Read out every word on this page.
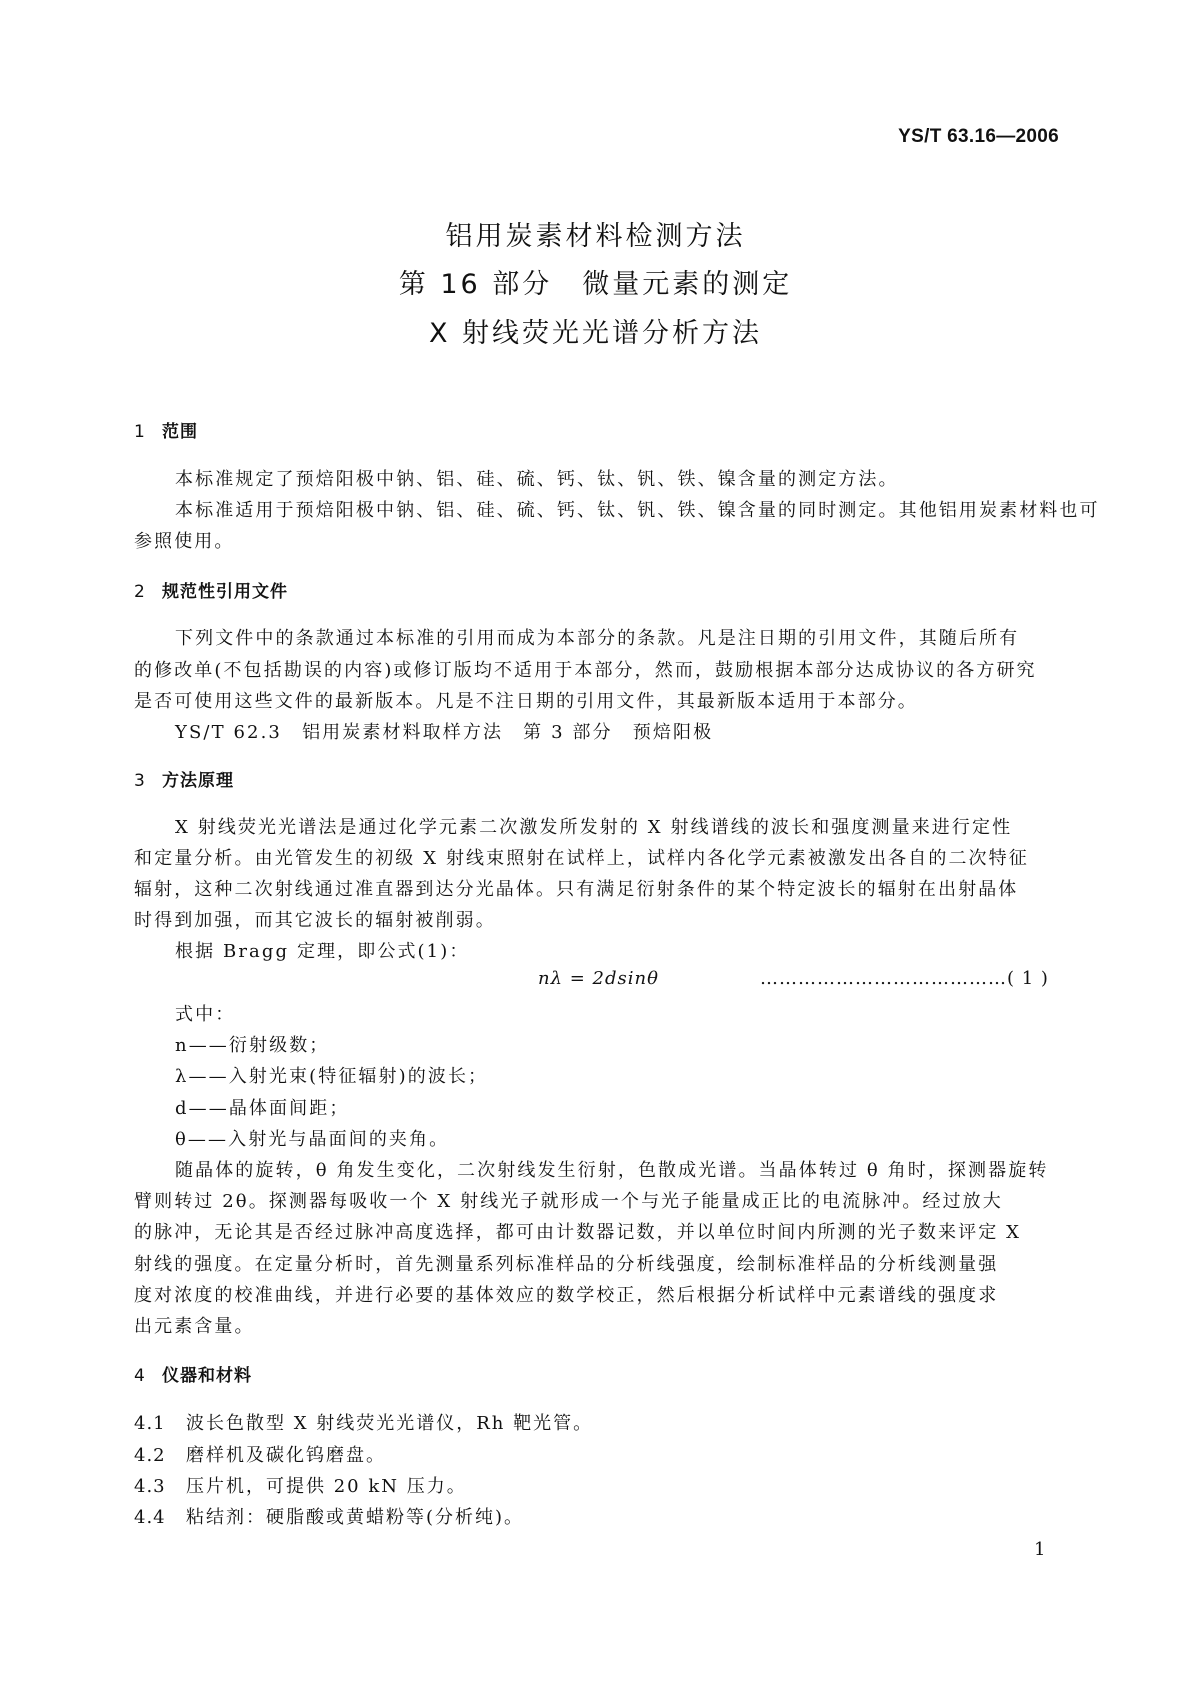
YS/T 63.16—2006
铝用炭素材料检测方法
第 16 部分　微量元素的测定
X 射线荧光光谱分析方法
1 范围
本标准规定了预焙阳极中钠、铝、硅、硫、钙、钛、钒、铁、镍含量的测定方法。
本标准适用于预焙阳极中钠、铝、硅、硫、钙、钛、钒、铁、镍含量的同时测定。其他铝用炭素材料也可
参照使用。
2 规范性引用文件
下列文件中的条款通过本标准的引用而成为本部分的条款。凡是注日期的引用文件，其随后所有
的修改单(不包括勘误的内容)或修订版均不适用于本部分，然而，鼓励根据本部分达成协议的各方研究
是否可使用这些文件的最新版本。凡是不注日期的引用文件，其最新版本适用于本部分。
YS/T 62.3　铝用炭素材料取样方法　第 3 部分　预焙阳极
3 方法原理
X 射线荧光光谱法是通过化学元素二次激发所发射的 X 射线谱线的波长和强度测量来进行定性
和定量分析。由光管发生的初级 X 射线束照射在试样上，试样内各化学元素被激发出各自的二次特征
辐射，这种二次射线通过准直器到达分光晶体。只有满足衍射条件的某个特定波长的辐射在出射晶体
时得到加强，而其它波长的辐射被削弱。
根据 Bragg 定理，即公式(1)：
nλ = 2dsinθ	…………………………………( 1 )
式中：
n——衍射级数；
λ——入射光束(特征辐射)的波长；
d——晶体面间距；
θ——入射光与晶面间的夹角。
随晶体的旋转，θ 角发生变化，二次射线发生衍射，色散成光谱。当晶体转过 θ 角时，探测器旋转
臂则转过 2θ。探测器每吸收一个 X 射线光子就形成一个与光子能量成正比的电流脉冲。经过放大
的脉冲，无论其是否经过脉冲高度选择，都可由计数器记数，并以单位时间内所测的光子数来评定 X
射线的强度。在定量分析时，首先测量系列标准样品的分析线强度，绘制标准样品的分析线测量强
度对浓度的校准曲线，并进行必要的基体效应的数学校正，然后根据分析试样中元素谱线的强度求
出元素含量。
4 仪器和材料
4.1 波长色散型 X 射线荧光光谱仪，Rh 靶光管。
4.2 磨样机及碳化钨磨盘。
4.3 压片机，可提供 20 kN 压力。
4.4 粘结剂：硬脂酸或黄蜡粉等(分析纯)。
1
